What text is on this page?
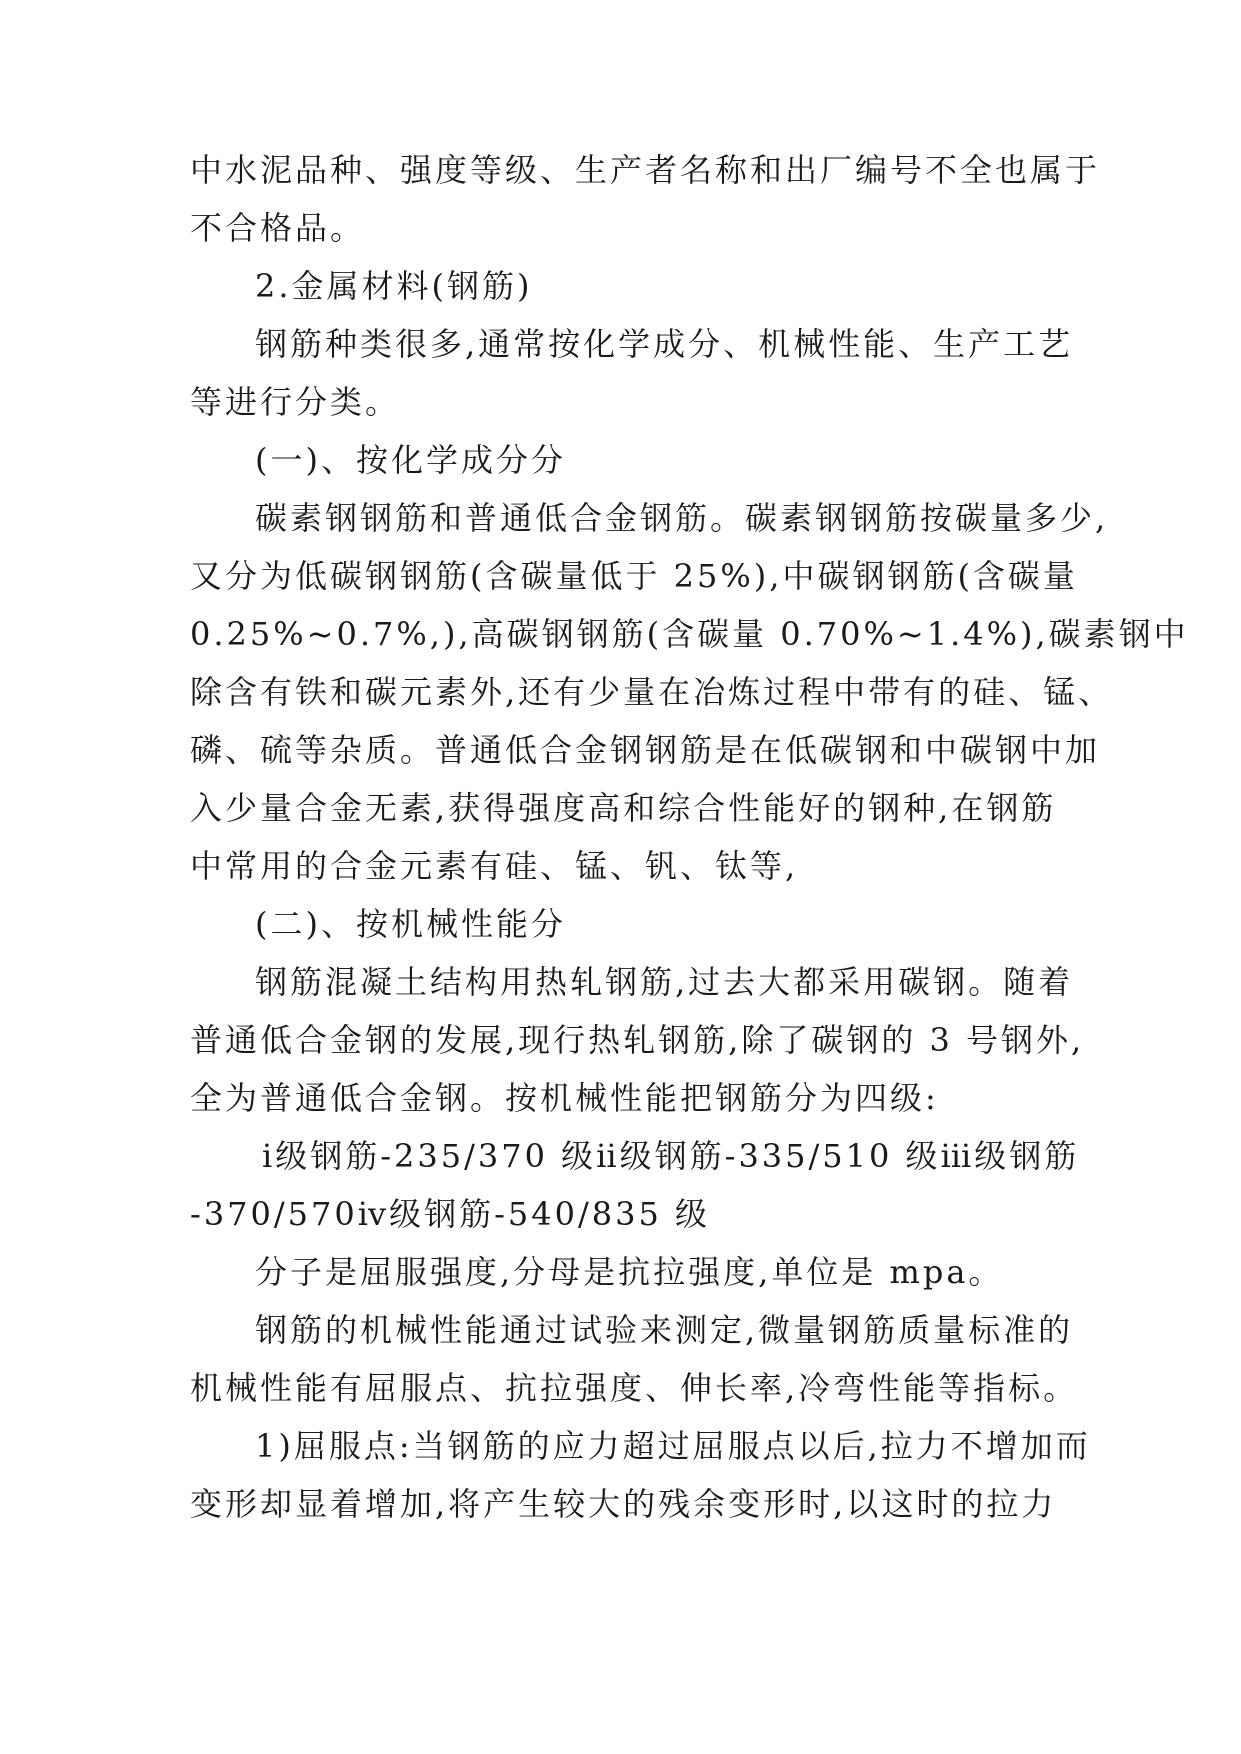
中水泥品种、强度等级、生产者名称和出厂编号不全也属于
不合格品。
2.金属材料(钢筋)
钢筋种类很多,通常按化学成分、机械性能、生产工艺
等进行分类。
(一)、按化学成分分
碳素钢钢筋和普通低合金钢筋。碳素钢钢筋按碳量多少,
又分为低碳钢钢筋(含碳量低于 25%),中碳钢钢筋(含碳量
0.25%~0.7%,),高碳钢钢筋(含碳量 0.70%~1.4%),碳素钢中
除含有铁和碳元素外,还有少量在冶炼过程中带有的硅、锰、
磷、硫等杂质。普通低合金钢钢筋是在低碳钢和中碳钢中加
入少量合金无素,获得强度高和综合性能好的钢种,在钢筋
中常用的合金元素有硅、锰、钒、钛等,
(二)、按机械性能分
钢筋混凝土结构用热轧钢筋,过去大都采用碳钢。随着
普通低合金钢的发展,现行热轧钢筋,除了碳钢的 3 号钢外,
全为普通低合金钢。按机械性能把钢筋分为四级:
ⅰ级钢筋-235/370 级ⅱ级钢筋-335/510 级ⅲ级钢筋
-370/570ⅳ级钢筋-540/835 级
分子是屈服强度,分母是抗拉强度,单位是 mpa。
钢筋的机械性能通过试验来测定,微量钢筋质量标准的
机械性能有屈服点、抗拉强度、伸长率,冷弯性能等指标。
1)屈服点:当钢筋的应力超过屈服点以后,拉力不增加而
变形却显着增加,将产生较大的残余变形时,以这时的拉力
